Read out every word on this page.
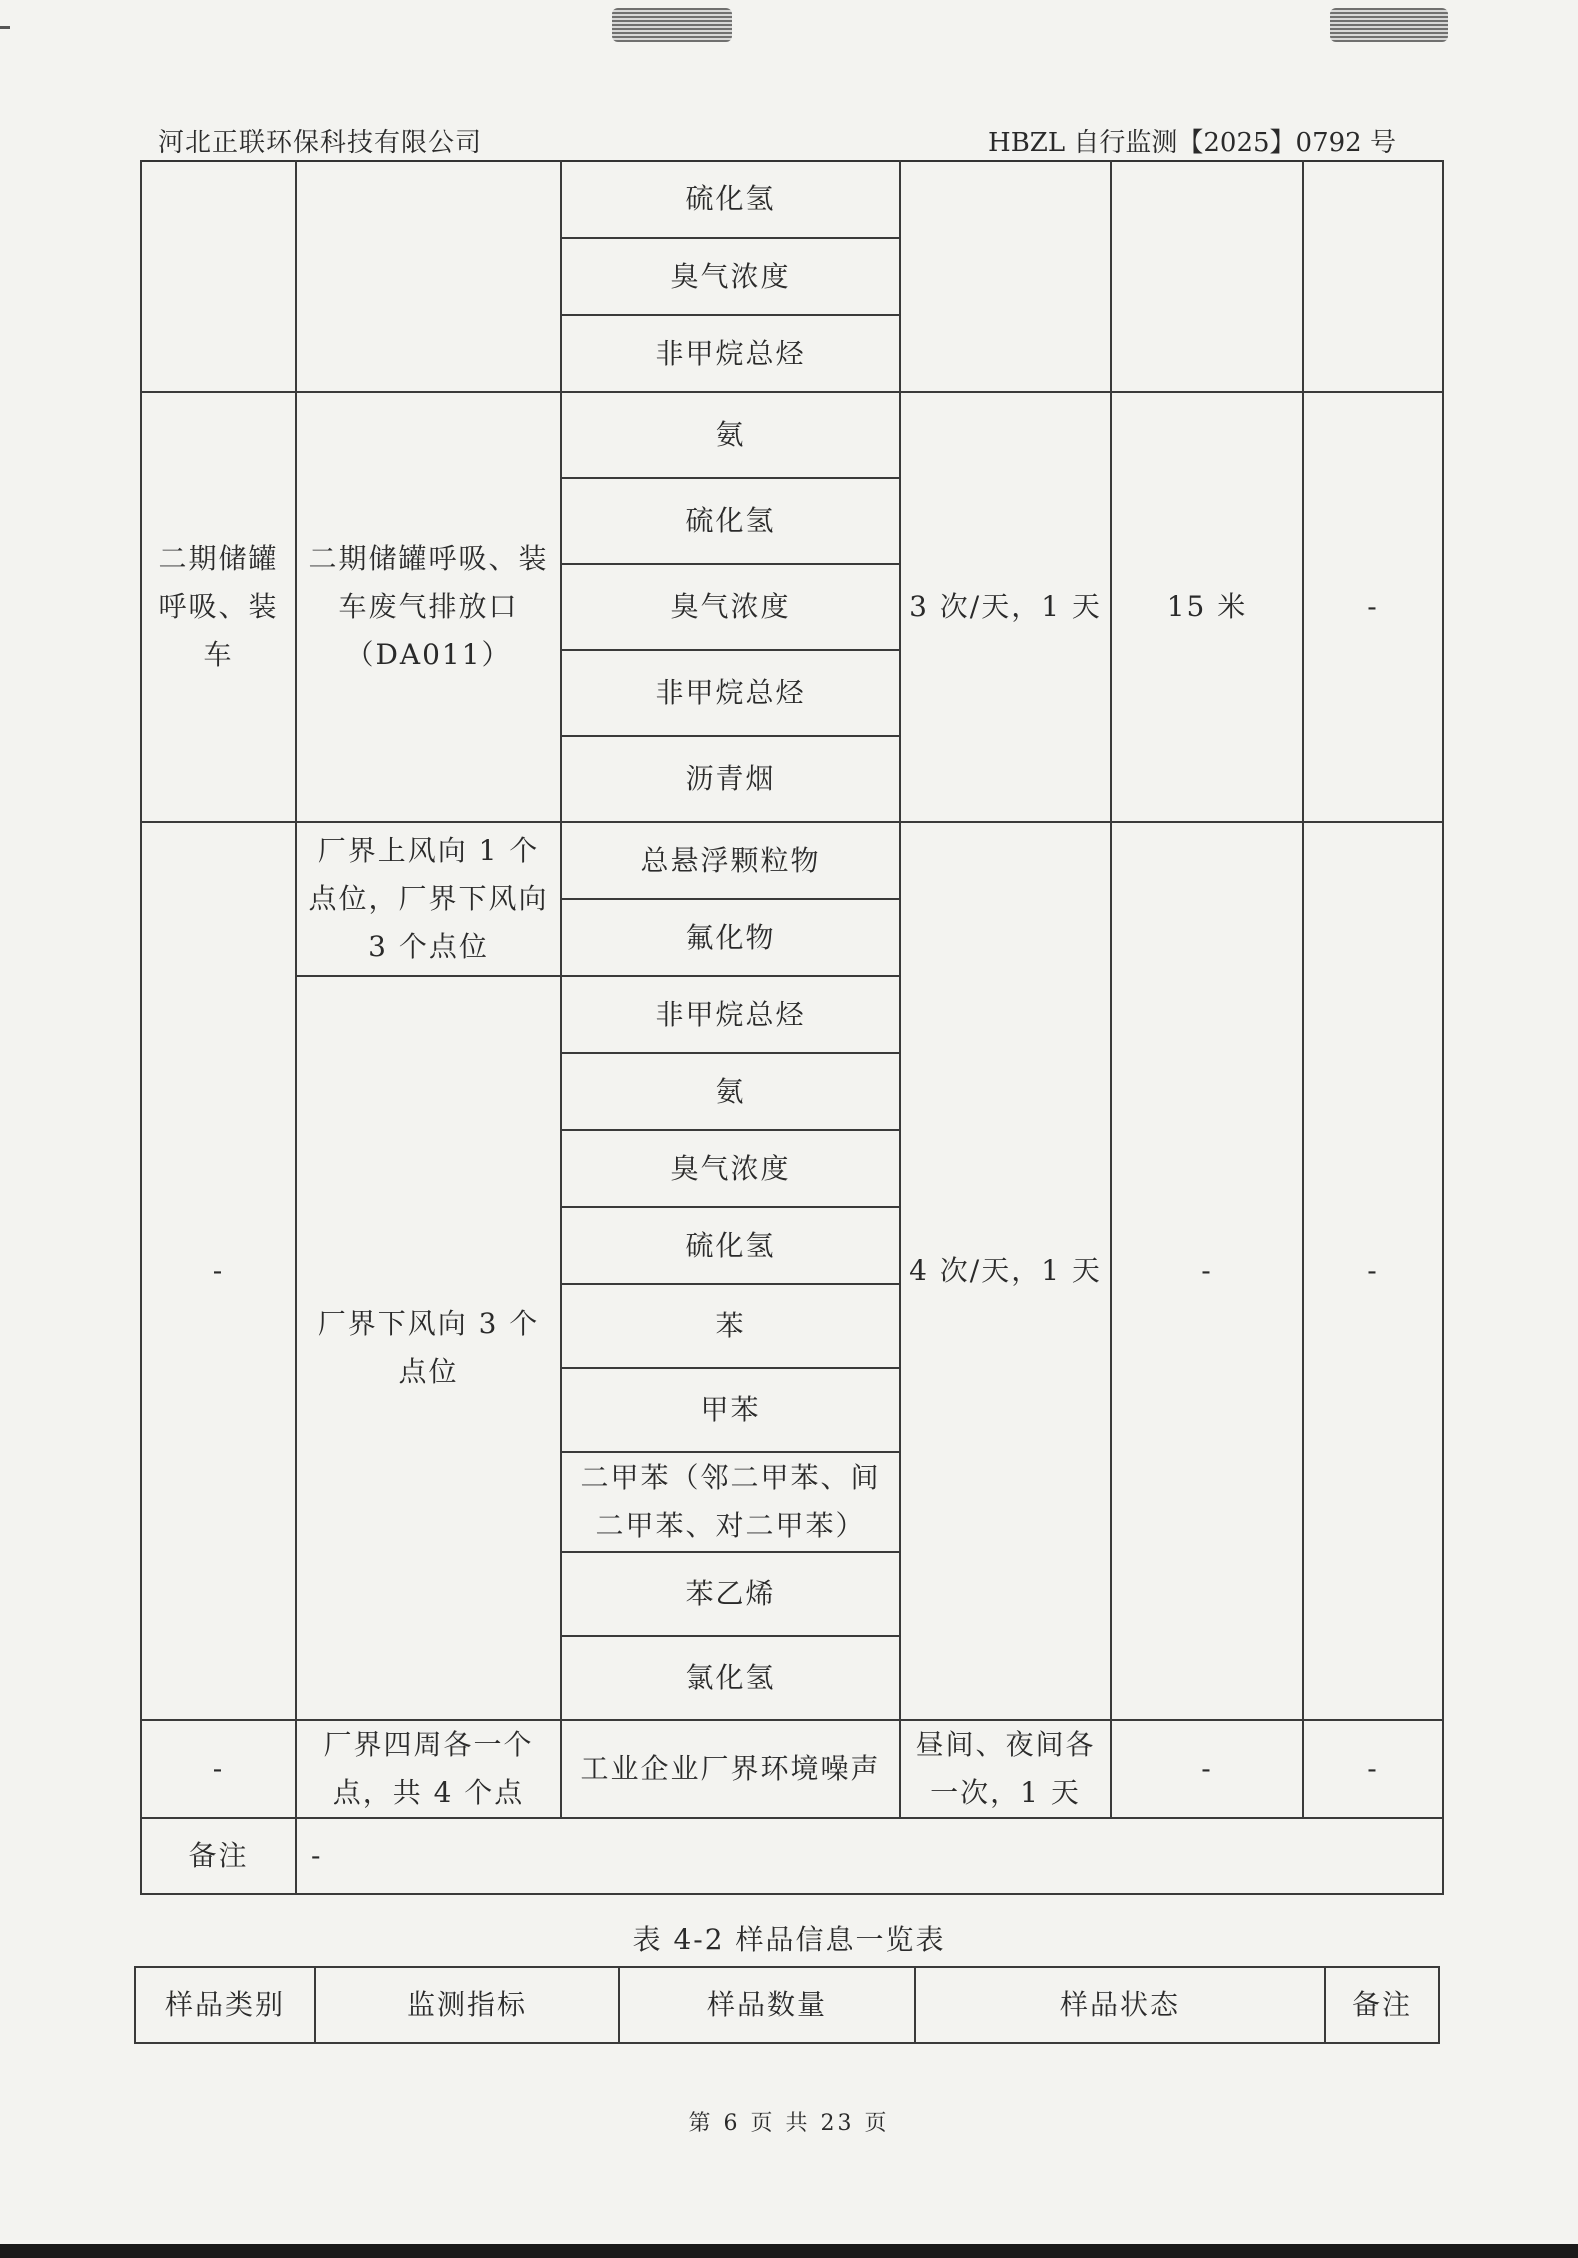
河北正联环保科技有限公司	HBZL 自行监测【2025】0792 号
		硫化氢			
		臭气浓度			
		非甲烷总烃			
二期储罐呼吸、装车	二期储罐呼吸、装车废气排放口（DA011）	氨	3 次/天，1 天	15 米	-
		硫化氢			
		臭气浓度			
		非甲烷总烃			
		沥青烟			
-	厂界上风向 1 个点位，厂界下风向 3 个点位	总悬浮颗粒物	4 次/天，1 天	-	-
		氟化物			
	厂界下风向 3 个点位	非甲烷总烃			
		氨			
		臭气浓度			
		硫化氢			
		苯			
		甲苯			
		二甲苯（邻二甲苯、间二甲苯、对二甲苯）			
		苯乙烯			
		氯化氢			
-	厂界四周各一个点，共 4 个点	工业企业厂界环境噪声	昼间、夜间各一次，1 天	-	-
备注	-				
表 4-2 样品信息一览表
样品类别	监测指标	样品数量	样品状态	备注
第 6 页 共 23 页
